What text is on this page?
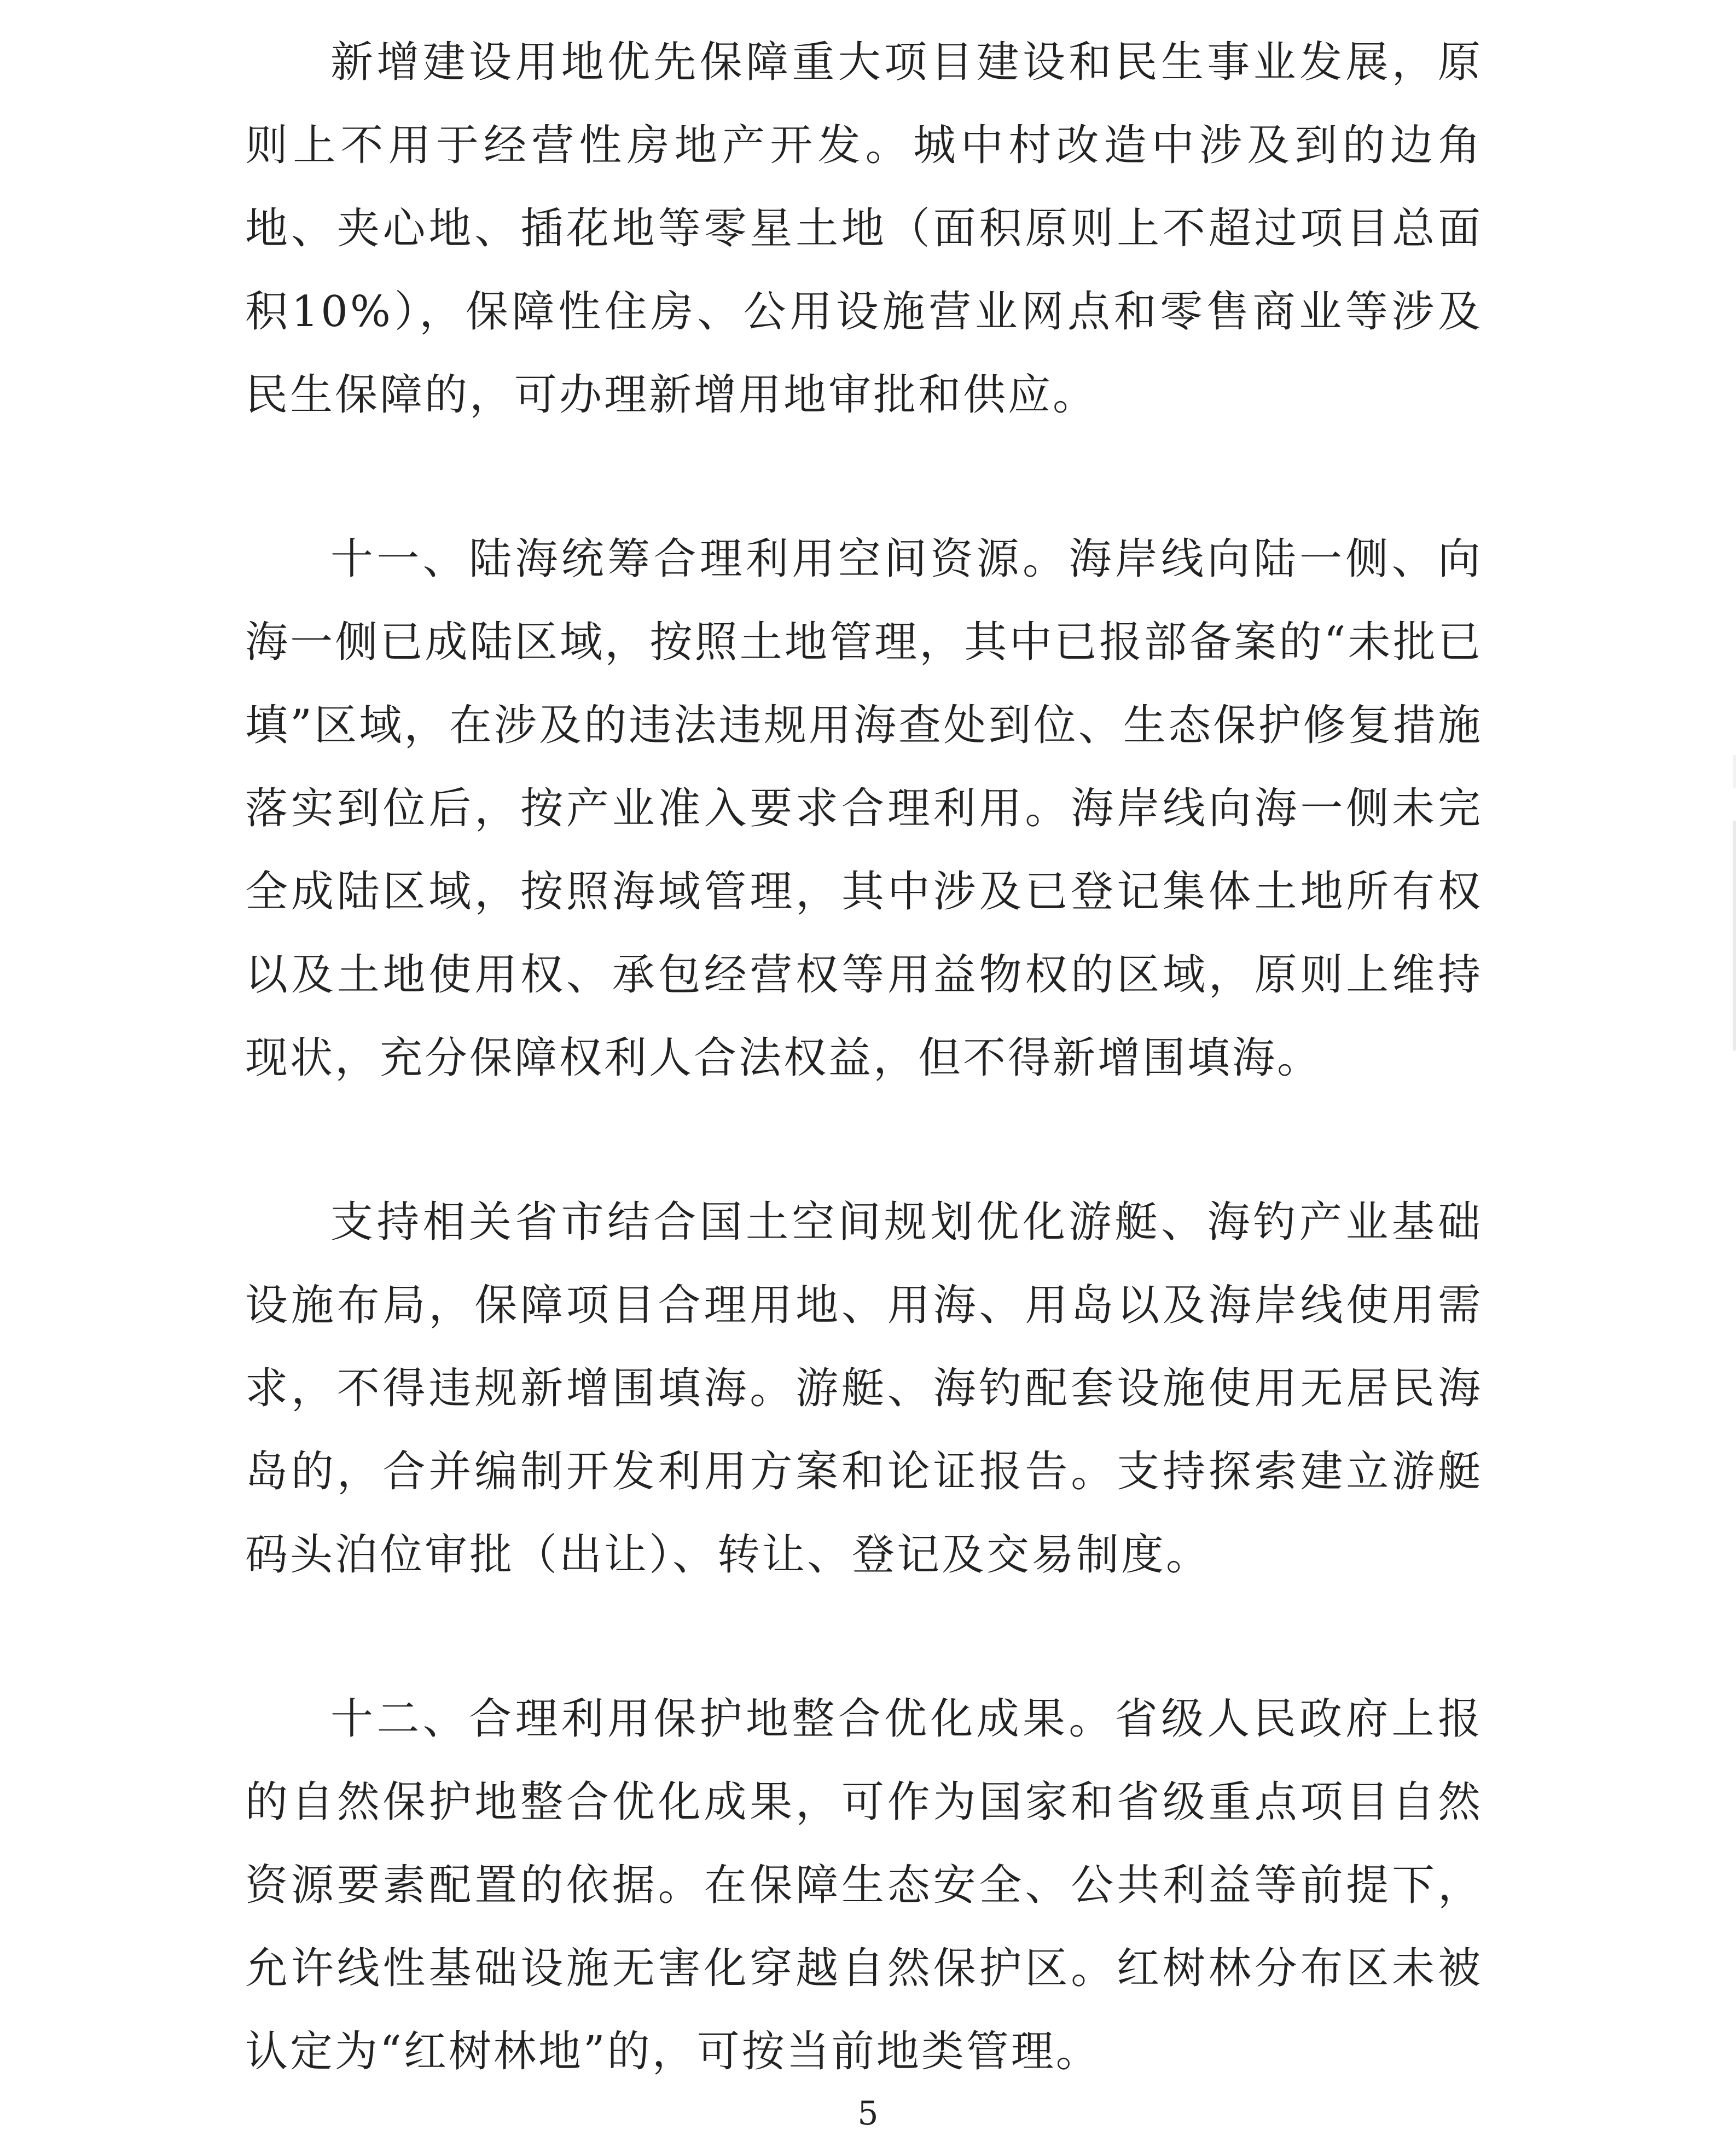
新增建设用地优先保障重大项目建设和民生事业发展，原则上不用于经营性房地产开发。城中村改造中涉及到的边角地、夹心地、插花地等零星土地（面积原则上不超过项目总面积10%），保障性住房、公用设施营业网点和零售商业等涉及民生保障的，可办理新增用地审批和供应。

十一、陆海统筹合理利用空间资源。海岸线向陆一侧、向海一侧已成陆区域，按照土地管理，其中已报部备案的“未批已填”区域，在涉及的违法违规用海查处到位、生态保护修复措施落实到位后，按产业准入要求合理利用。海岸线向海一侧未完全成陆区域，按照海域管理，其中涉及已登记集体土地所有权以及土地使用权、承包经营权等用益物权的区域，原则上维持现状，充分保障权利人合法权益，但不得新增围填海。

支持相关省市结合国土空间规划优化游艇、海钓产业基础设施布局，保障项目合理用地、用海、用岛以及海岸线使用需求，不得违规新增围填海。游艇、海钓配套设施使用无居民海岛的，合并编制开发利用方案和论证报告。支持探索建立游艇码头泊位审批（出让）、转让、登记及交易制度。

十二、合理利用保护地整合优化成果。省级人民政府上报的自然保护地整合优化成果，可作为国家和省级重点项目自然资源要素配置的依据。在保障生态安全、公共利益等前提下，允许线性基础设施无害化穿越自然保护区。红树林分布区未被认定为“红树林地”的，可按当前地类管理。

5
